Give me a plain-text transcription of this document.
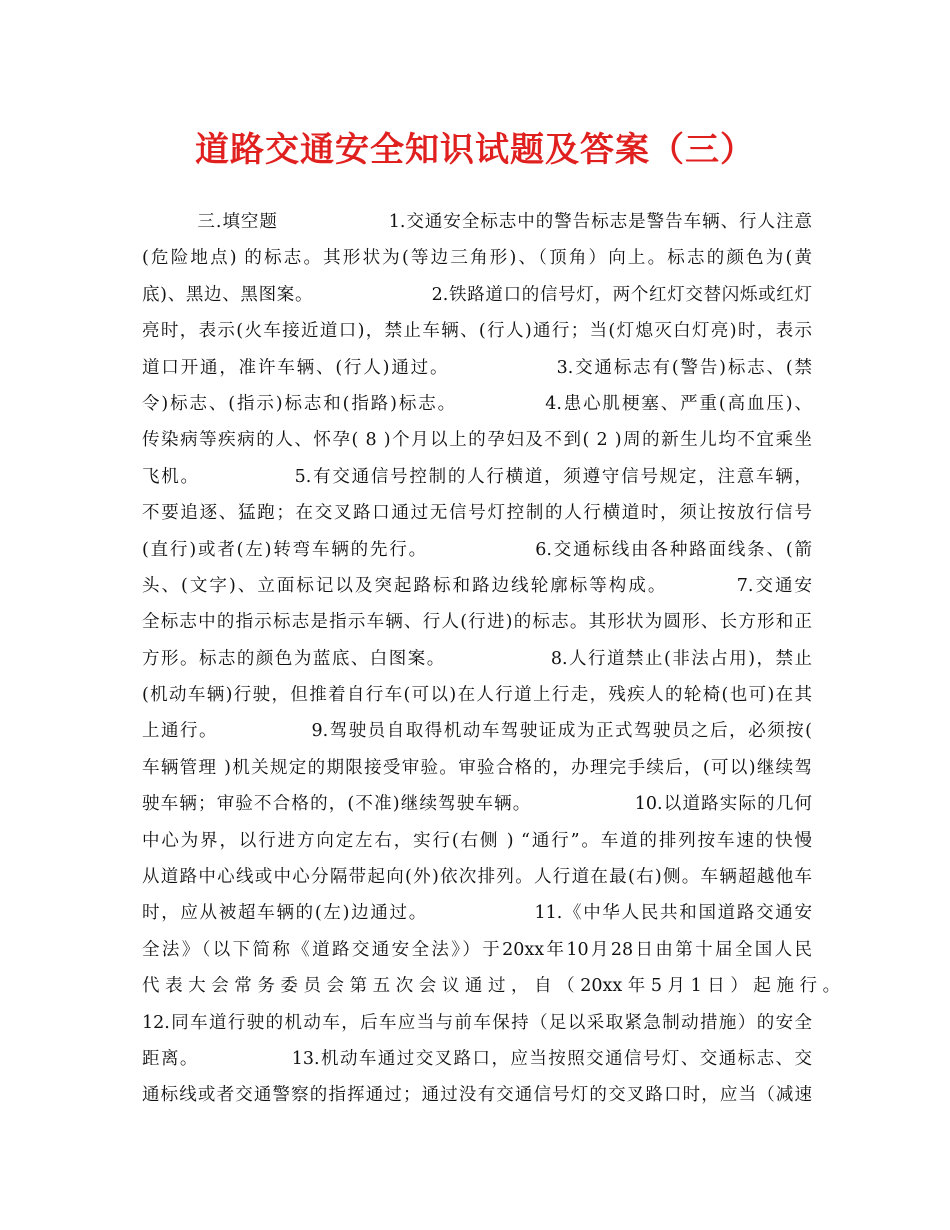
道路交通安全知识试题及答案（三）
　　　三.填空题　　　　　　1.交通安全标志中的警告标志是警告车辆、行人注意
(危险地点) 的标志。其形状为(等边三角形)、（顶角）向上。标志的颜色为(黄
底)、黑边、黑图案。　　　　　　　2.铁路道口的信号灯，两个红灯交替闪烁或红灯
亮时，表示(火车接近道口)，禁止车辆、(行人)通行；当(灯熄灭白灯亮)时，表示
道口开通，准许车辆、(行人)通过。　　　　　　3.交通标志有(警告)标志、(禁
令)标志、(指示)标志和(指路)标志。　　　　　4.患心肌梗塞、严重(高血压)、
传染病等疾病的人、怀孕( 8 )个月以上的孕妇及不到( 2 )周的新生儿均不宜乘坐
飞机。　　　　　 5.有交通信号控制的人行横道，须遵守信号规定，注意车辆，
不要追逐、猛跑；在交叉路口通过无信号灯控制的人行横道时，须让按放行信号
(直行)或者(左)转弯车辆的先行。　　　　　　6.交通标线由各种路面线条、(箭
头、(文字)、立面标记以及突起路标和路边线轮廓标等构成。　　　　7.交通安
全标志中的指示标志是指示车辆、行人(行进)的标志。其形状为圆形、长方形和正
方形。标志的颜色为蓝底、白图案。　　　　　　8.人行道禁止(非法占用)，禁止
(机动车辆)行驶，但推着自行车(可以)在人行道上行走，残疾人的轮椅(也可)在其
上通行。　　　　　 9.驾驶员自取得机动车驾驶证成为正式驾驶员之后，必须按(
车辆管理 )机关规定的期限接受审验。审验合格的，办理完手续后，(可以)继续驾
驶车辆；审验不合格的，(不准)继续驾驶车辆。　　　　　　10.以道路实际的几何
中心为界，以行进方向定左右，实行(右侧 ) “通行”。车道的排列按车速的快慢
从道路中心线或中心分隔带起向(外)依次排列。人行道在最(右)侧。车辆超越他车
时，应从被超车辆的(左)边通过。　　　　　　11.《中华人民共和国道路交通安
全法》（以下简称《道路交通安全法》）于20xx年10月28日由第十届全国人民
代 表 大 会 常 务 委 员 会 第 五 次 会 议 通 过 ， 自 （ 20xx 年 5 月 1 日 ） 起 施 行 。
12.同车道行驶的机动车，后车应当与前车保持（足以采取紧急制动措施）的安全
距离。　　　　　 13.机动车通过交叉路口，应当按照交通信号灯、交通标志、交
通标线或者交通警察的指挥通过；通过没有交通信号灯的交叉路口时，应当（减速
